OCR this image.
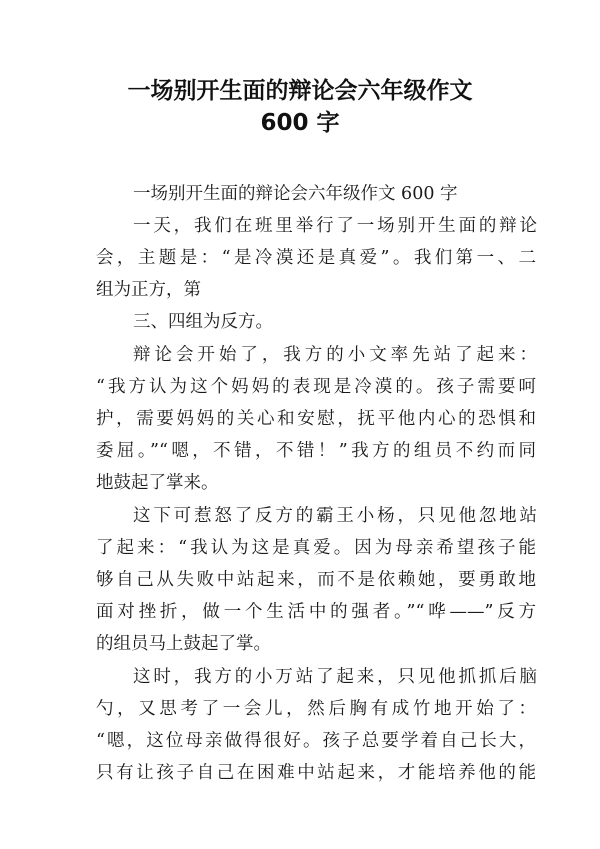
一场别开生面的辩论会六年级作文
600 字

一场别开生面的辩论会六年级作文 600 字

一天，我们在班里举行了一场别开生面的辩论

会，主题是：“是冷漠还是真爱”。我们第一、二

组为正方，第

三、四组为反方。

辩论会开始了，我方的小文率先站了起来：

“我方认为这个妈妈的表现是冷漠的。孩子需要呵

护，需要妈妈的关心和安慰，抚平他内心的恐惧和

委屈。”“嗯，不错，不错！”我方的组员不约而同

地鼓起了掌来。

这下可惹怒了反方的霸王小杨，只见他忽地站

了起来：“我认为这是真爱。因为母亲希望孩子能

够自己从失败中站起来，而不是依赖她，要勇敢地

面对挫折，做一个生活中的强者。”“哗——”反方

的组员马上鼓起了掌。

这时，我方的小万站了起来，只见他抓抓后脑

勺，又思考了一会儿，然后胸有成竹地开始了：

“嗯，这位母亲做得很好。孩子总要学着自己长大，

只有让孩子自己在困难中站起来，才能培养他的能
